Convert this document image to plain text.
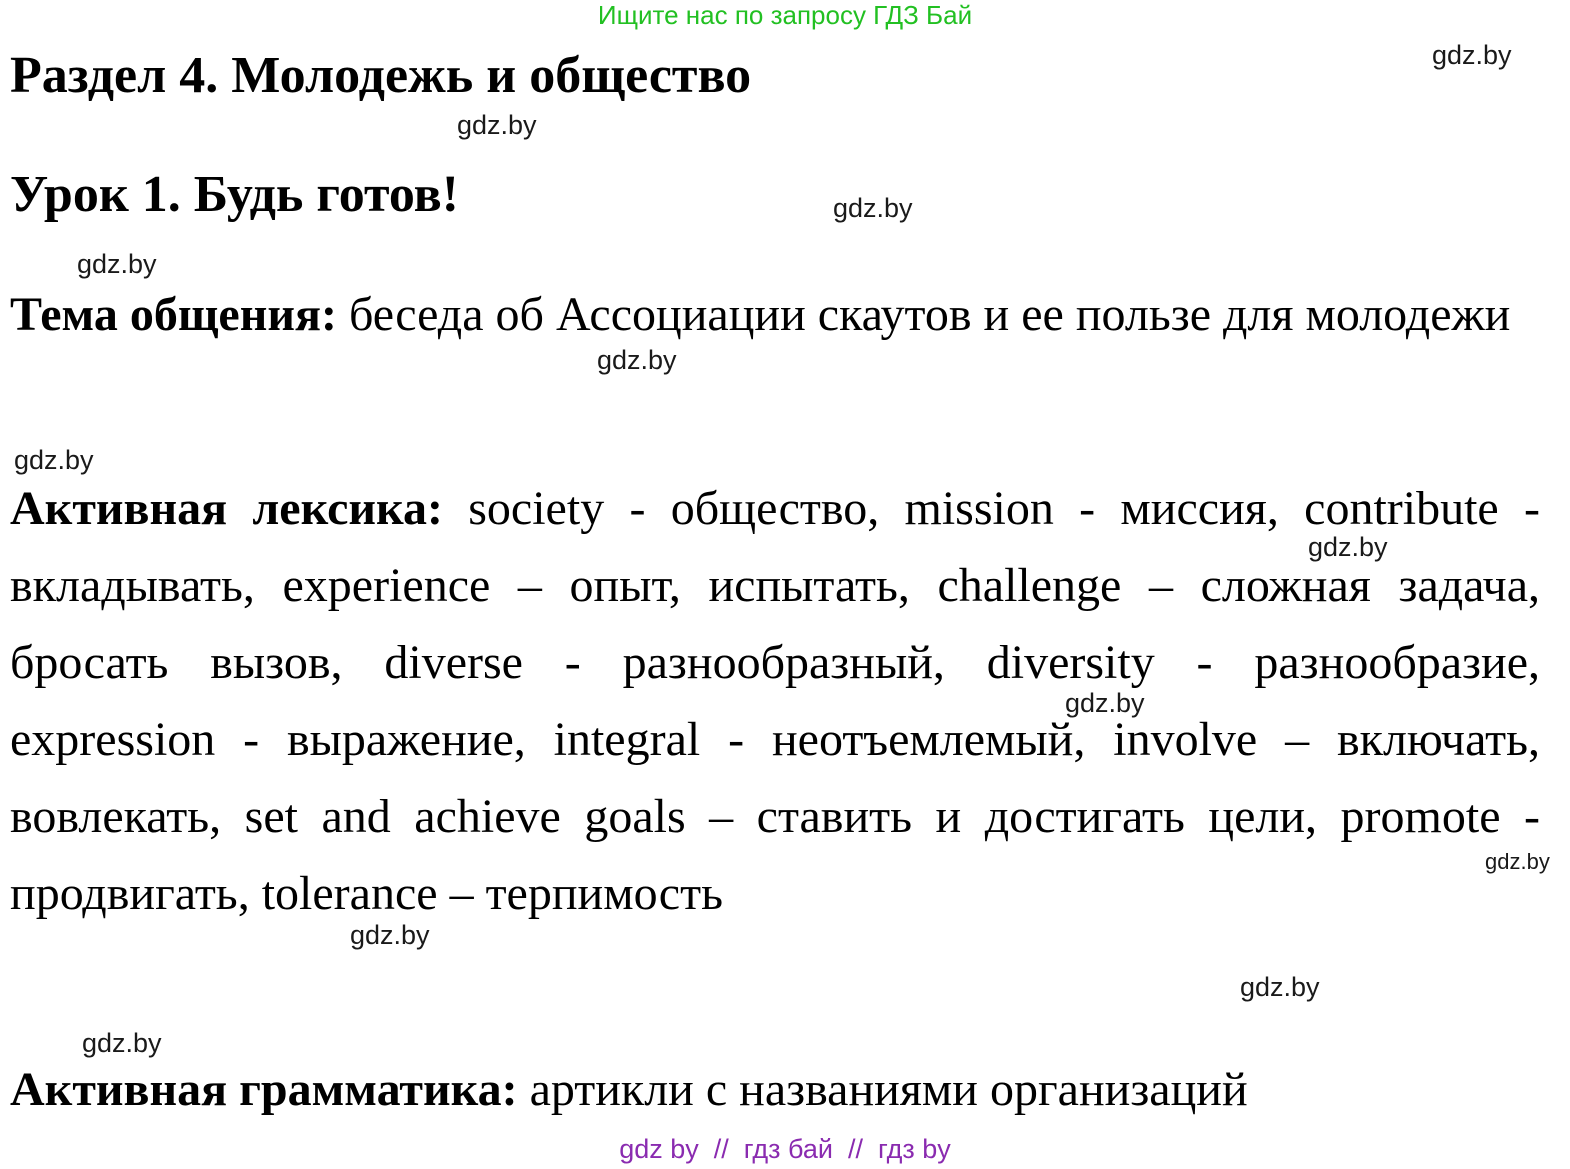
Ищите нас по запросу ГДЗ Бай
Раздел 4. Молодежь и общество
Урок 1. Будь готов!

Тема общения: беседа об Ассоциации скаутов и ее пользе для молодежи

Активная лексика: society - общество, mission - миссия, contribute - вкладывать, experience – опыт, испытать, challenge – сложная задача, бросать вызов, diverse - разнообразный, diversity - разнообразие, expression - выражение, integral - неотъемлемый, involve – включать, вовлекать, set and achieve goals – ставить и достигать цели, promote - продвигать, tolerance – терпимость

Активная грамматика: артикли с названиями организаций

gdz.by
gdz.by
gdz.by
gdz.by
gdz.by
gdz.by
gdz.by
gdz.by
gdz.by
gdz.by
gdz.by
gdz.by
gdz by  //  гдз бай  //  гдз by
